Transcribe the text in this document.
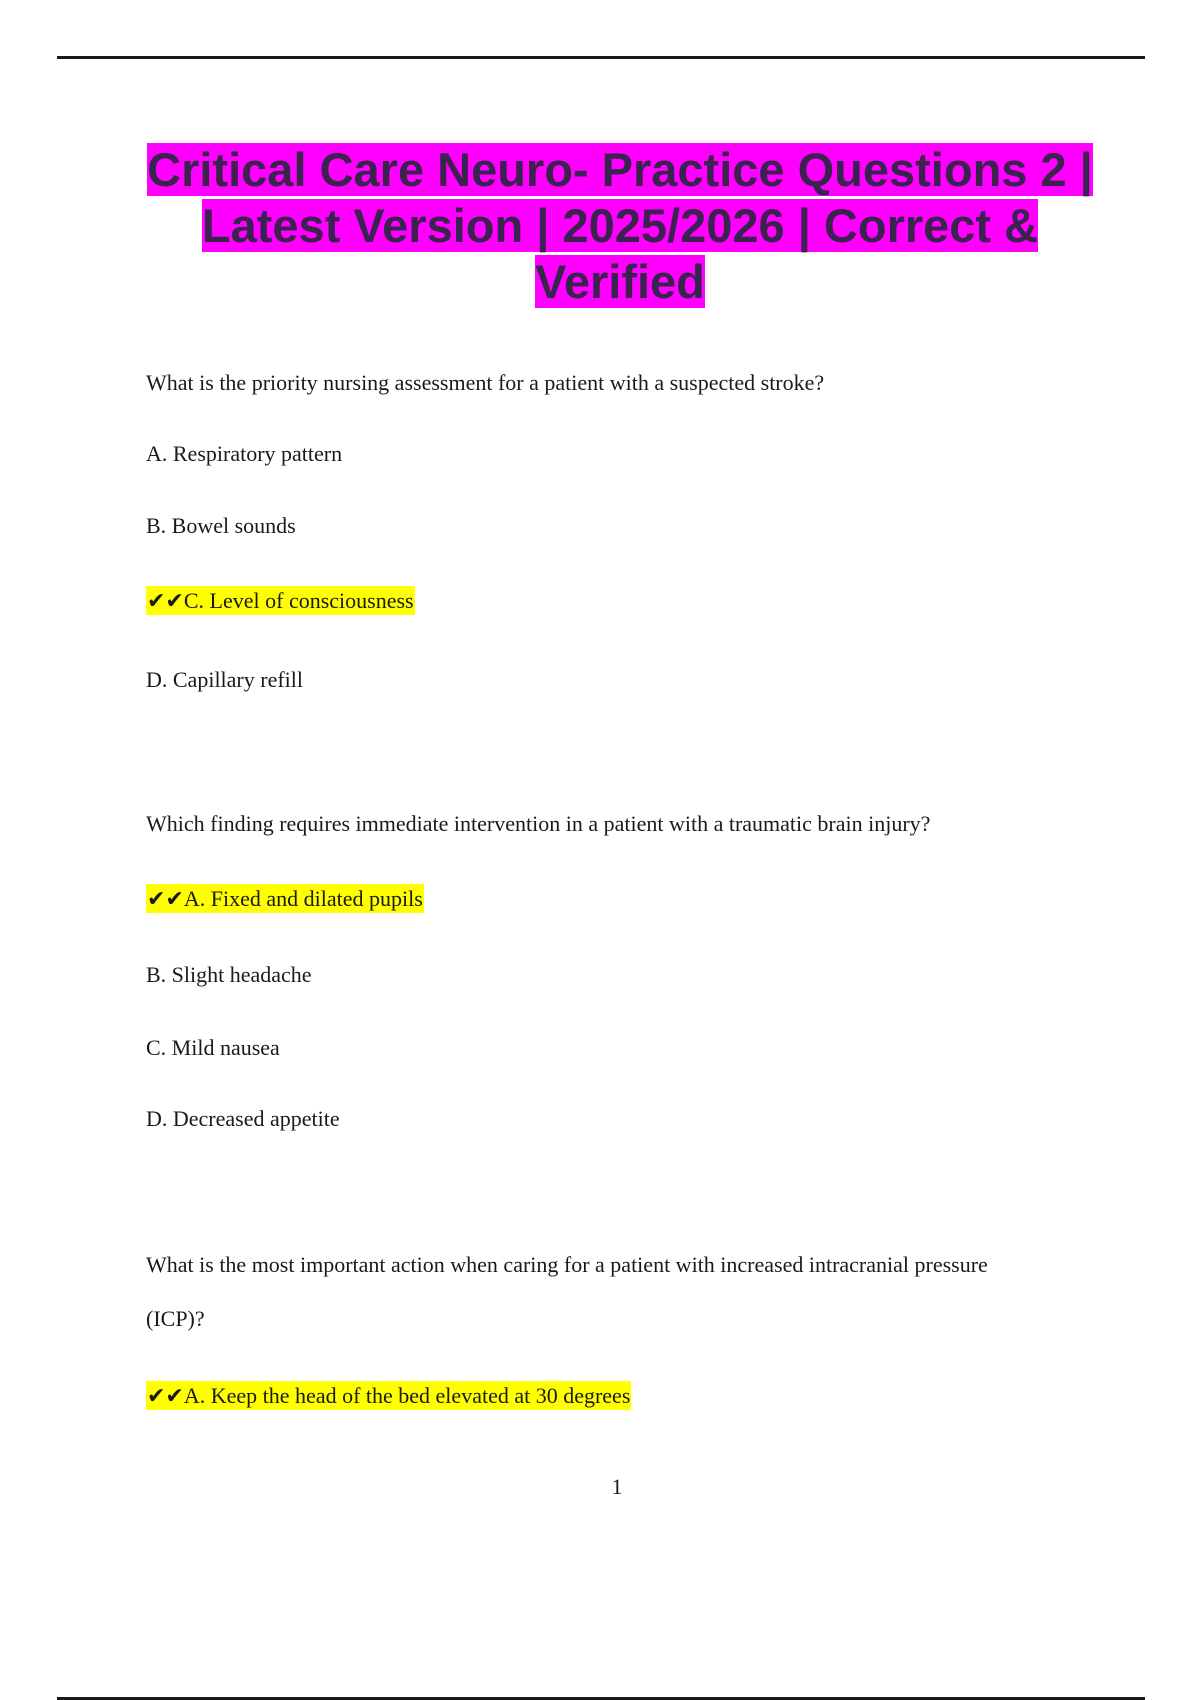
Critical Care Neuro- Practice Questions 2 | Latest Version | 2025/2026 | Correct & Verified
What is the priority nursing assessment for a patient with a suspected stroke?
A. Respiratory pattern
B. Bowel sounds
✔✔C. Level of consciousness
D. Capillary refill
Which finding requires immediate intervention in a patient with a traumatic brain injury?
✔✔A. Fixed and dilated pupils
B. Slight headache
C. Mild nausea
D. Decreased appetite
What is the most important action when caring for a patient with increased intracranial pressure
(ICP)?
✔✔A. Keep the head of the bed elevated at 30 degrees
1
